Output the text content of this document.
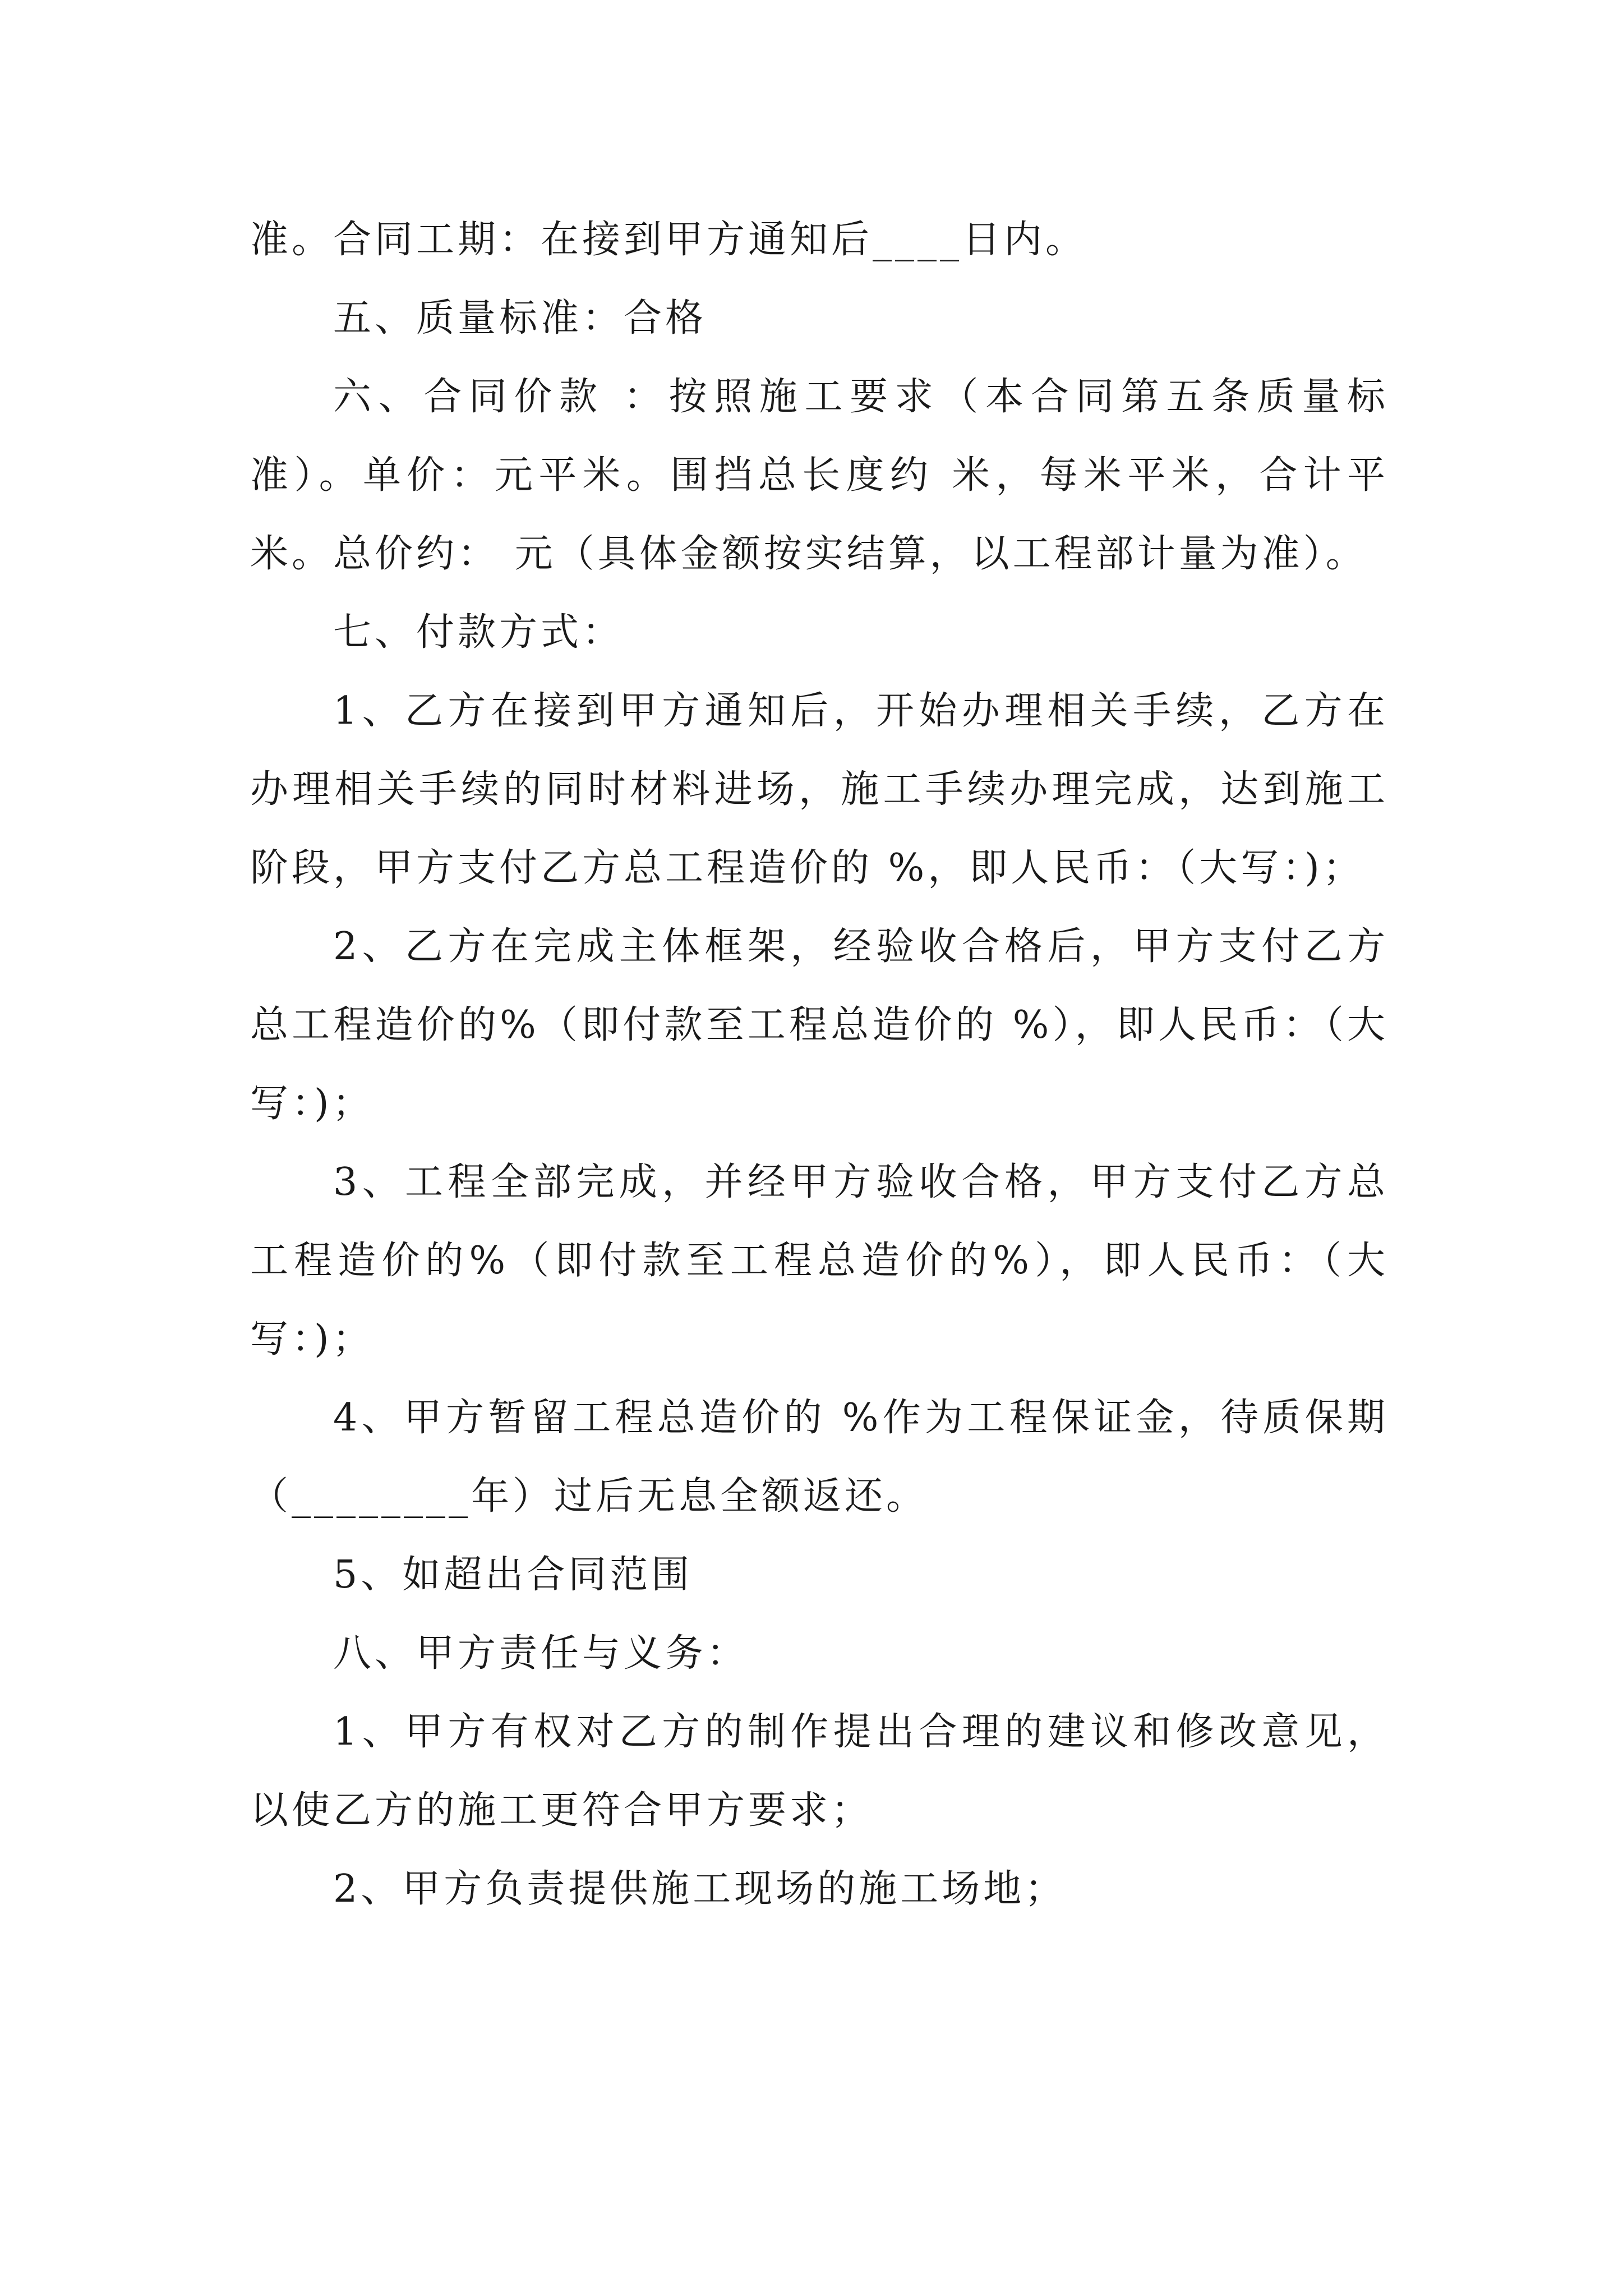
准。合同工期：在接到甲方通知后____日内。

五、质量标准：合格

六、合同价款 ：按照施工要求（本合同第五条质量标准）。单价：元平米。围挡总长度约 米，每米平米，合计平米。总价约： 元（具体金额按实结算，以工程部计量为准）。

七、付款方式：

1、乙方在接到甲方通知后，开始办理相关手续，乙方在办理相关手续的同时材料进场，施工手续办理完成，达到施工阶段，甲方支付乙方总工程造价的 %，即人民币：（大写：)；

2、乙方在完成主体框架，经验收合格后，甲方支付乙方总工程造价的%（即付款至工程总造价的 %），即人民币：（大写：)；

3、工程全部完成，并经甲方验收合格，甲方支付乙方总工程造价的%（即付款至工程总造价的%），即人民币：（大写：)；

4、甲方暂留工程总造价的 %作为工程保证金，待质保期（________年）过后无息全额返还。

5、如超出合同范围

八、甲方责任与义务：

1、甲方有权对乙方的制作提出合理的建议和修改意见，以使乙方的施工更符合甲方要求；

2、甲方负责提供施工现场的施工场地；
